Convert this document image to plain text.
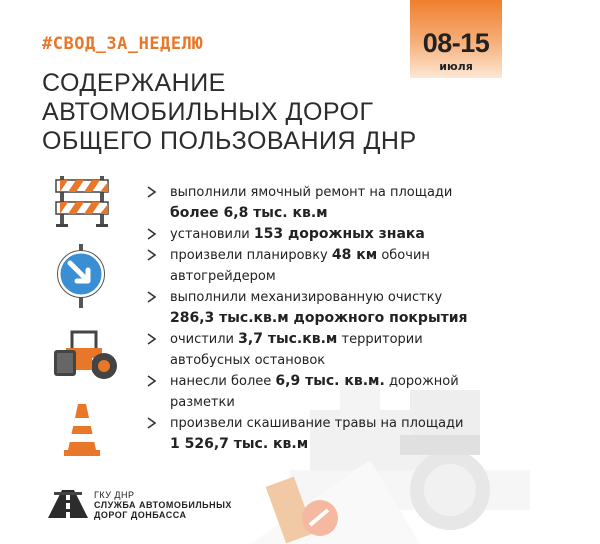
#СВОД_ЗА_НЕДЕЛЮ	08-15
июля
СОДЕРЖАНИЕ
АВТОМОБИЛЬНЫХ ДОРОГ
ОБЩЕГО ПОЛЬЗОВАНИЯ ДНР
выполнили ямочный ремонт на площади
более 6,8 тыс. кв.м
установили 153 дорожных знака
произвели планировку 48 км обочин
автогрейдером
выполнили механизированную очистку
286,3 тыс.кв.м дорожного покрытия
очистили 3,7 тыс.кв.м территории
автобусных остановок
нанесли более 6,9 тыс. кв.м. дорожной
разметки
произвели скашивание травы на площади
1 526,7 тыс. кв.м
ГКУ ДНР
СЛУЖБА АВТОМОБИЛЬНЫХ
ДОРОГ ДОНБАССА
